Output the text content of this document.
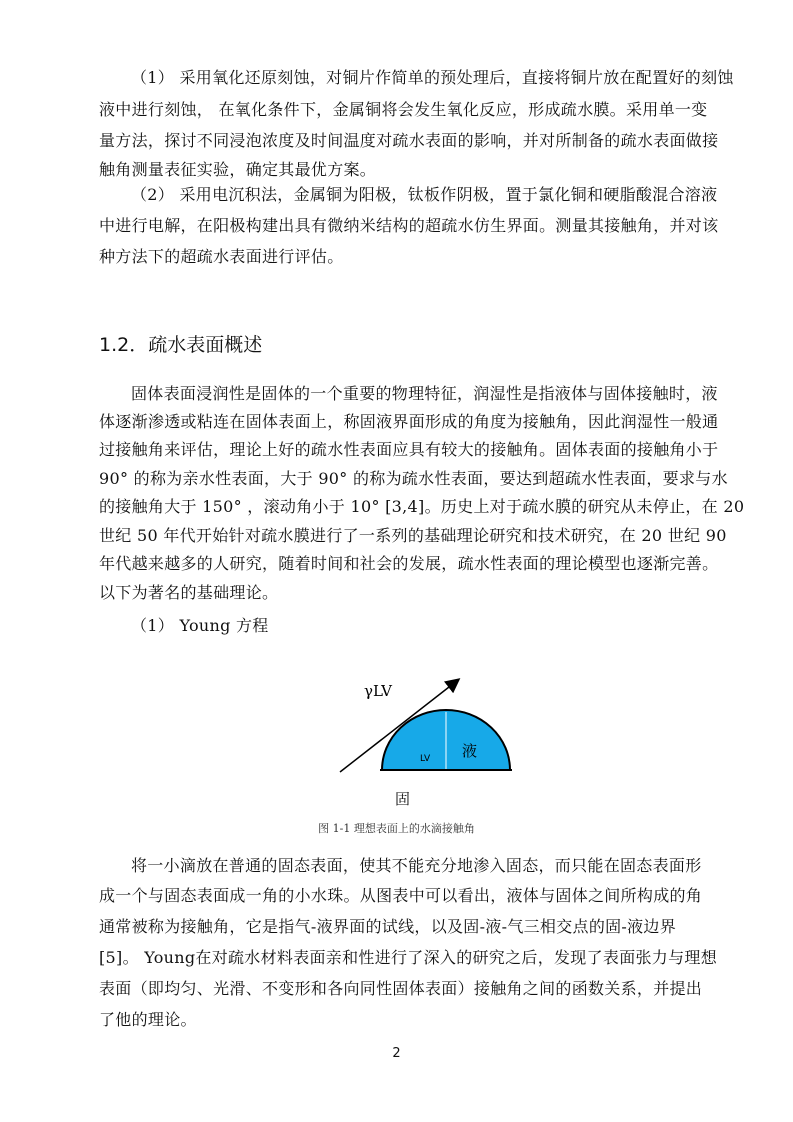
（1） 采用氧化还原刻蚀，对铜片作简单的预处理后，直接将铜片放在配置好的刻蚀
液中进行刻蚀， 在氧化条件下，金属铜将会发生氧化反应，形成疏水膜。采用单一变
量方法，探讨不同浸泡浓度及时间温度对疏水表面的影响，并对所制备的疏水表面做接
触角测量表征实验，确定其最优方案。
（2） 采用电沉积法，金属铜为阳极，钛板作阴极，置于氯化铜和硬脂酸混合溶液
中进行电解，在阳极构建出具有微纳米结构的超疏水仿生界面。测量其接触角，并对该
种方法下的超疏水表面进行评估。
1.2．疏水表面概述
固体表面浸润性是固体的一个重要的物理特征，润湿性是指液体与固体接触时，液
体逐渐渗透或粘连在固体表面上，称固液界面形成的角度为接触角，因此润湿性一般通
过接触角来评估，理论上好的疏水性表面应具有较大的接触角。固体表面的接触角小于
90° 的称为亲水性表面，大于 90° 的称为疏水性表面，要达到超疏水性表面，要求与水
的接触角大于 150° ，滚动角小于 10° [3,4]。历史上对于疏水膜的研究从未停止，在 20
世纪 50 年代开始针对疏水膜进行了一系列的基础理论研究和技术研究，在 20 世纪 90
年代越来越多的人研究，随着时间和社会的发展，疏水性表面的理论模型也逐渐完善。
以下为著名的基础理论。
（1） Young 方程
γLV
LV 液
固
图 1-1 理想表面上的水滴接触角
将一小滴放在普通的固态表面，使其不能充分地渗入固态，而只能在固态表面形
成一个与固态表面成一角的小水珠。从图表中可以看出，液体与固体之间所构成的角
通常被称为接触角，它是指气-液界面的试线，以及固-液-气三相交点的固-液边界
[5]。 Young在对疏水材料表面亲和性进行了深入的研究之后，发现了表面张力与理想
表面（即均匀、光滑、不变形和各向同性固体表面）接触角之间的函数关系，并提出
了他的理论。
2
